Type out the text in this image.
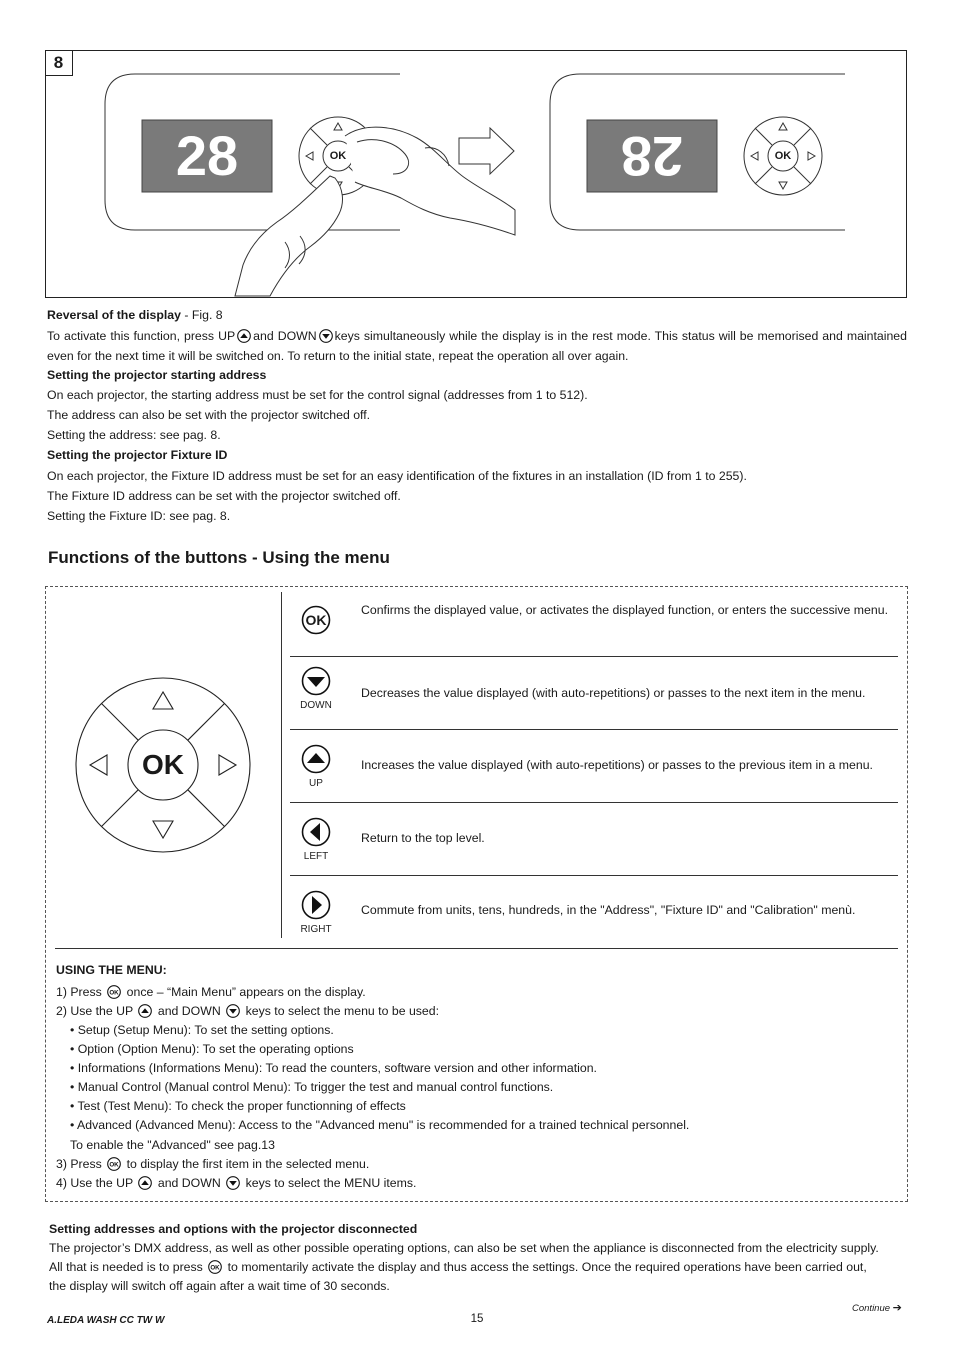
8
28	28
OK	OK
Reversal of the display - Fig. 8
To activate this function, press UP and DOWN keys simultaneously while the display is in the rest mode. This status will be memorised and maintained even for the next time it will be switched on. To return to the initial state, repeat the operation all over again.
Setting the projector starting address
On each projector, the starting address must be set for the control signal (addresses from 1 to 512).
The address can also be set with the projector switched off.
Setting the address: see pag. 8.
Setting the projector Fixture ID
On each projector, the Fixture ID address must be set for an easy identification of the fixtures in an installation (ID from 1 to 255).
The Fixture ID address can be set with the projector switched off.
Setting the Fixture ID: see pag. 8.
Functions of the buttons - Using the menu
OK
OK
Confirms the displayed value, or activates the displayed function, or enters the successive menu.
DOWN
Decreases the value displayed (with auto-repetitions) or passes to the next item in the menu.
UP
Increases the value displayed (with auto-repetitions) or passes to the previous item in a menu.
LEFT
Return to the top level.
RIGHT
Commute from units, tens, hundreds, in the "Address", "Fixture ID" and "Calibration" menù.
USING THE MENU:
1) Press OK once – “Main Menu” appears on the display.
2) Use the UP and DOWN keys to select the menu to be used:
• Setup (Setup Menu): To set the setting options.
• Option (Option Menu): To set the operating options
• Informations (Informations Menu): To read the counters, software version and other information.
• Manual Control (Manual control Menu): To trigger the test and manual control functions.
• Test (Test Menu): To check the proper functionning of effects
• Advanced (Advanced Menu): Access to the "Advanced menu" is recommended for a trained technical personnel.
To enable the "Advanced" see pag.13
3) Press OK to display the first item in the selected menu.
4) Use the UP and DOWN keys to select the MENU items.
Setting addresses and options with the projector disconnected
The projector’s DMX address, as well as other possible operating options, can also be set when the appliance is disconnected from the electricity supply.
All that is needed is to press OK to momentarily activate the display and thus access the settings. Once the required operations have been carried out,
the display will switch off again after a wait time of 30 seconds.
Continue ➔
A.LEDA WASH CC TW W	15
